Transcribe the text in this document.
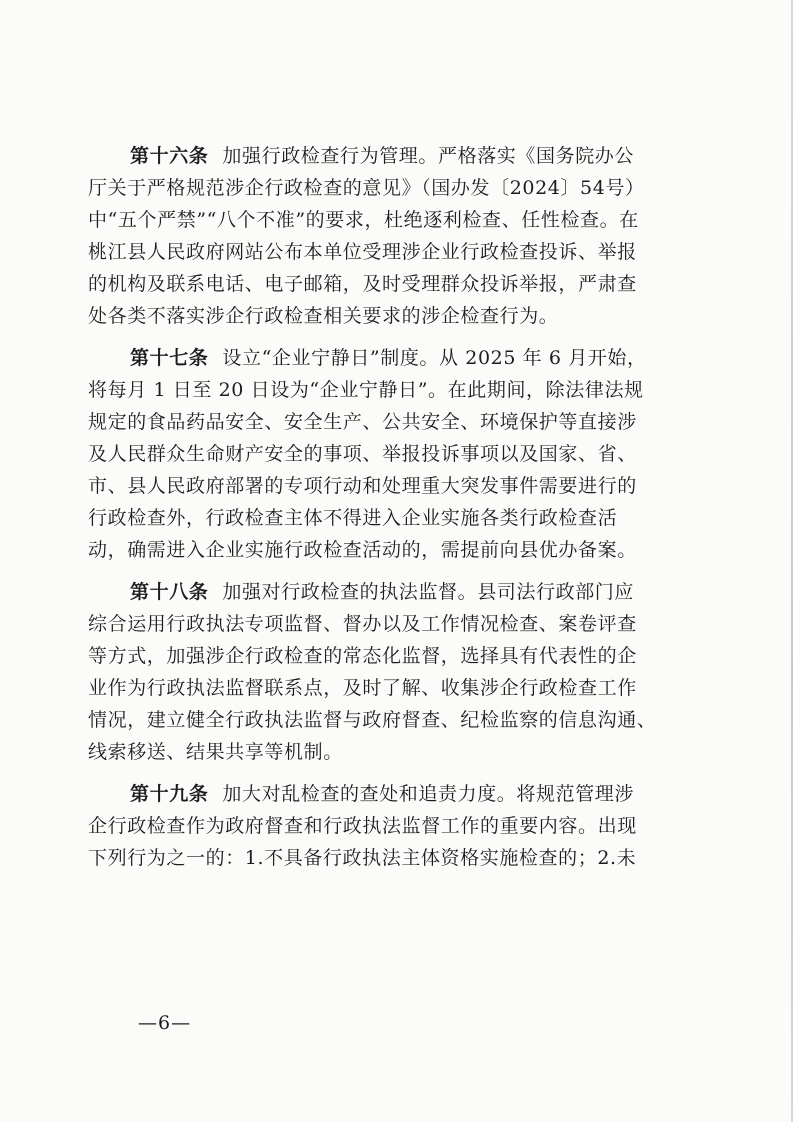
第十六条 加强行政检查行为管理。严格落实《国务院办公
厅关于严格规范涉企行政检查的意见》（国办发〔2024〕54号）
中“五个严禁”“八个不准”的要求，杜绝逐利检查、任性检查。在
桃江县人民政府网站公布本单位受理涉企业行政检查投诉、举报
的机构及联系电话、电子邮箱，及时受理群众投诉举报，严肃查
处各类不落实涉企行政检查相关要求的涉企检查行为。
第十七条 设立“企业宁静日”制度。从 2025 年 6 月开始，
将每月 1 日至 20 日设为“企业宁静日”。在此期间，除法律法规
规定的食品药品安全、安全生产、公共安全、环境保护等直接涉
及人民群众生命财产安全的事项、举报投诉事项以及国家、省、
市、县人民政府部署的专项行动和处理重大突发事件需要进行的
行政检查外，行政检查主体不得进入企业实施各类行政检查活
动，确需进入企业实施行政检查活动的，需提前向县优办备案。
第十八条 加强对行政检查的执法监督。县司法行政部门应
综合运用行政执法专项监督、督办以及工作情况检查、案卷评查
等方式，加强涉企行政检查的常态化监督，选择具有代表性的企
业作为行政执法监督联系点，及时了解、收集涉企行政检查工作
情况，建立健全行政执法监督与政府督查、纪检监察的信息沟通、
线索移送、结果共享等机制。
第十九条 加大对乱检查的查处和追责力度。将规范管理涉
企行政检查作为政府督查和行政执法监督工作的重要内容。出现
下列行为之一的：1.不具备行政执法主体资格实施检查的；2.未
—6—
